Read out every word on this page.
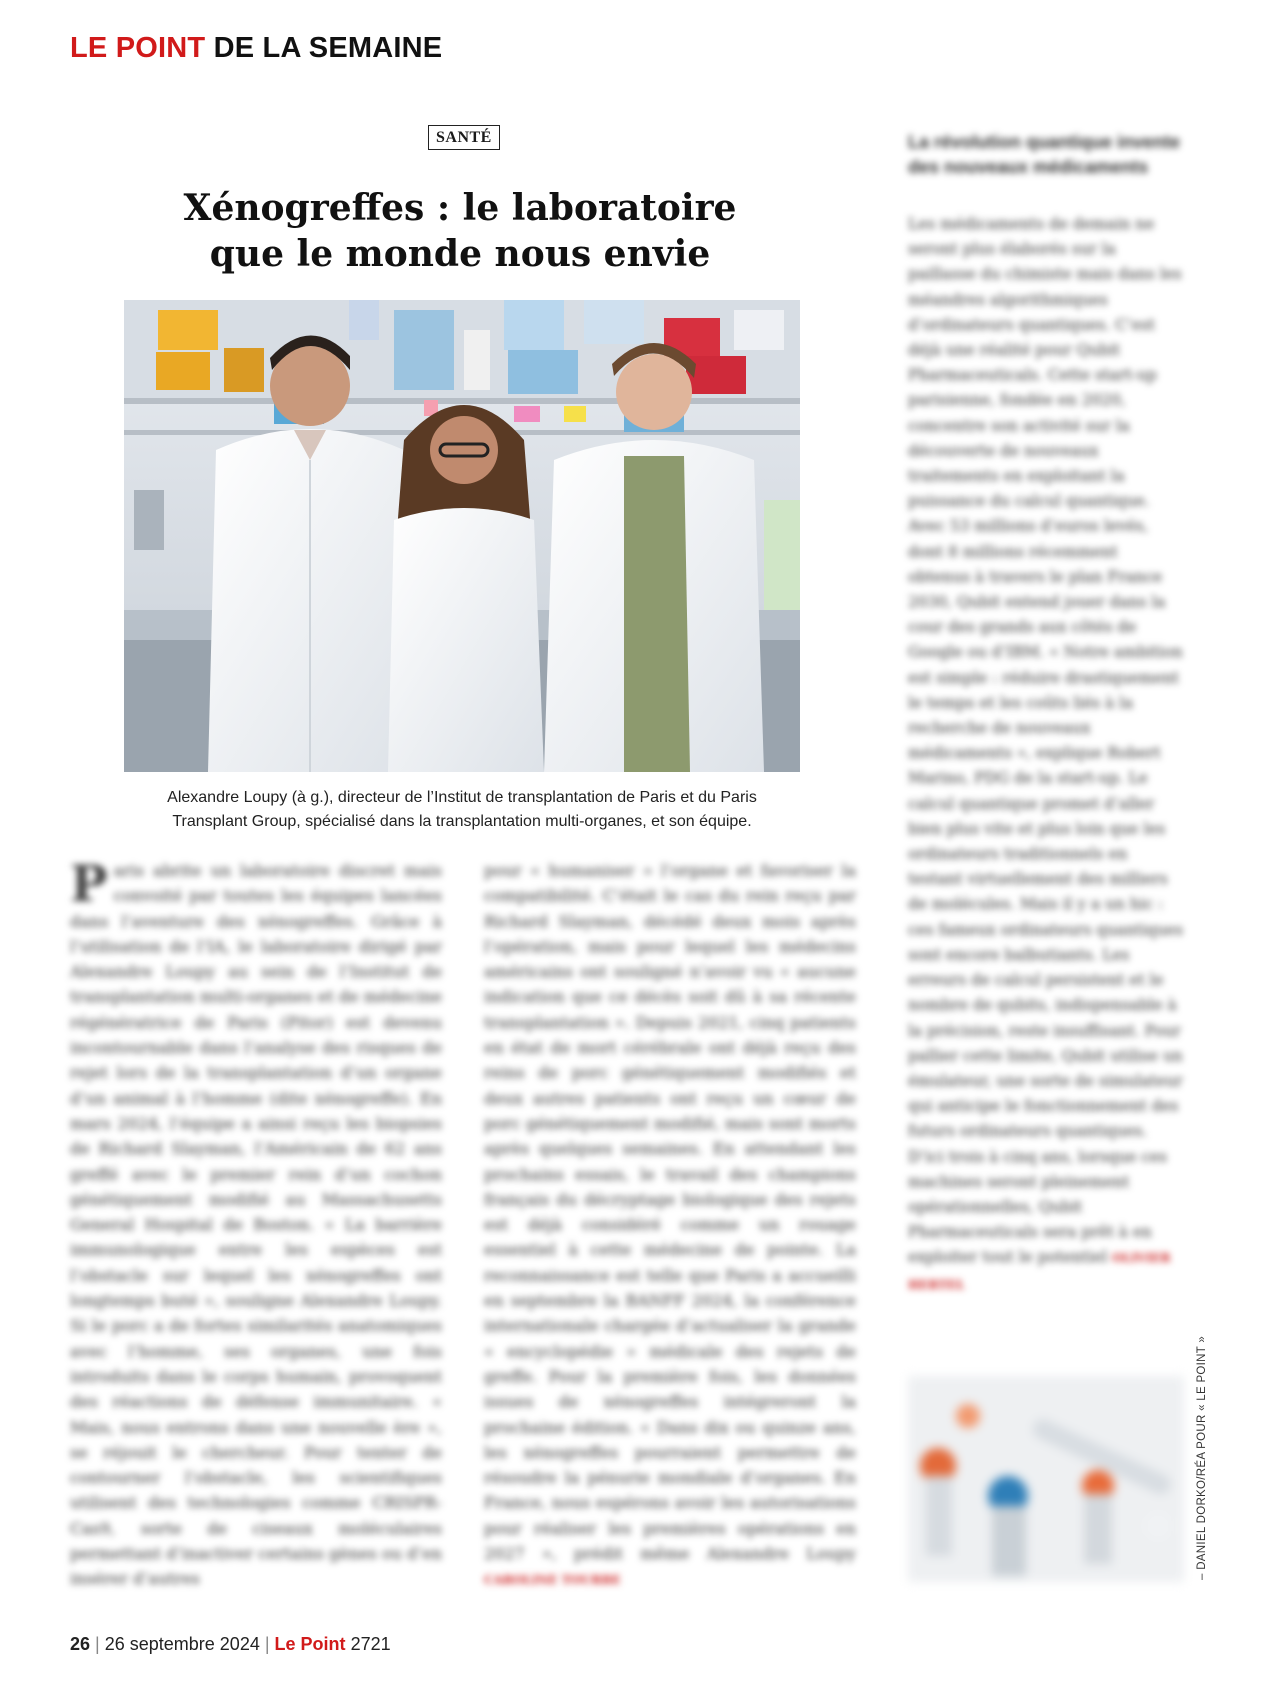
LE POINT DE LA SEMAINE
SANTÉ
Xénogreffes : le laboratoire
que le monde nous envie
Alexandre Loupy (à g.), directeur de l’Institut de transplantation de Paris et du Paris
Transplant Group, spécialisé dans la transplantation multi-organes, et son équipe.
P aris abrite un laboratoire discret mais convoité par toutes les équipes lancées dans l’aventure des xénogreffes. Grâce à l’utilisation de l’IA, le laboratoire dirigé par Alexandre Loupy au sein de l’Institut de transplantation multi-organes et de médecine régénératrice de Paris (Pitor) est devenu incontournable dans l’analyse des risques de rejet lors de la transplantation d’un organe d’un animal à l’homme (dite xénogreffe). En mars 2024, l’équipe a ainsi reçu les biopsies de Richard Slayman, l’Américain de 62 ans greffé avec le premier rein d’un cochon génétiquement modifié au Massachusetts General Hospital de Boston. « La barrière immunologique entre les espèces est l’obstacle sur lequel les xénogreffes ont longtemps buté », souligne Alexandre Loupy. Si le porc a de fortes similarités anatomiques avec l’homme, ses organes, une fois introduits dans le corps humain, provoquent des réactions de défense immunitaire. « Mais, nous entrons dans une nouvelle ère », se réjouit le chercheur. Pour tenter de contourner l’obstacle, les scientifiques utilisent des technologies comme CRISPR-Cas9, sorte de ciseaux moléculaires permettant d’inactiver certains gènes ou d’en insérer d’autres
pour « humaniser » l’organe et favoriser la compatibilité. C’était le cas du rein reçu par Richard Slayman, décédé deux mois après l’opération, mais pour lequel les médecins américains ont souligné n’avoir vu « aucune indication que ce décès soit dû à sa récente transplantation ». Depuis 2021, cinq patients en état de mort cérébrale ont déjà reçu des reins de porc génétiquement modifiés et deux autres patients ont reçu un cœur de porc génétiquement modifié, mais sont morts après quelques semaines. En attendant les prochains essais, le travail des champions français du décryptage biologique des rejets est déjà considéré comme un rouage essentiel à cette médecine de pointe. La reconnaissance est telle que Paris a accueilli en septembre la BANFF 2024, la conférence internationale chargée d’actualiser la grande « encyclopédie » médicale des rejets de greffe. Pour la première fois, les données issues de xénogreffes intégreront la prochaine édition. « Dans dix ou quinze ans, les xénogreffes pourraient permettre de résoudre la pénurie mondiale d’organes. En France, nous espérons avoir les autorisations pour réaliser les premières opérations en 2027 », prédit même Alexandre Loupy CAROLINE TOURBE
La révolution quantique invente des nouveaux médicaments
Les médicaments de demain ne seront plus élaborés sur la paillasse du chimiste mais dans les méandres algorithmiques d’ordinateurs quantiques. C’est déjà une réalité pour Qubit Pharmaceuticals. Cette start-up parisienne, fondée en 2020, concentre son activité sur la découverte de nouveaux traitements en exploitant la puissance du calcul quantique. Avec 53 millions d’euros levés, dont 8 millions récemment obtenus à travers le plan France 2030, Qubit entend jouer dans la cour des grands aux côtés de Google ou d’IBM. « Notre ambition est simple : réduire drastiquement le temps et les coûts liés à la recherche de nouveaux médicaments », explique Robert Marino, PDG de la start-up. Le calcul quantique promet d’aller bien plus vite et plus loin que les ordinateurs traditionnels en testant virtuellement des milliers de molécules. Mais il y a un hic : ces fameux ordinateurs quantiques sont encore balbutiants. Les erreurs de calcul persistent et le nombre de qubits, indispensable à la précision, reste insuffisant. Pour pallier cette limite, Qubit utilise un émulateur, une sorte de simulateur qui anticipe le fonctionnement des futurs ordinateurs quantiques. D’ici trois à cinq ans, lorsque ces machines seront pleinement opérationnelles, Qubit Pharmaceuticals sera prêt à en exploiter tout le potentiel OLIVIER HERTEL
– DANIEL DORKO/RÉA POUR « LE POINT »
26 | 26 septembre 2024 | Le Point 2721
